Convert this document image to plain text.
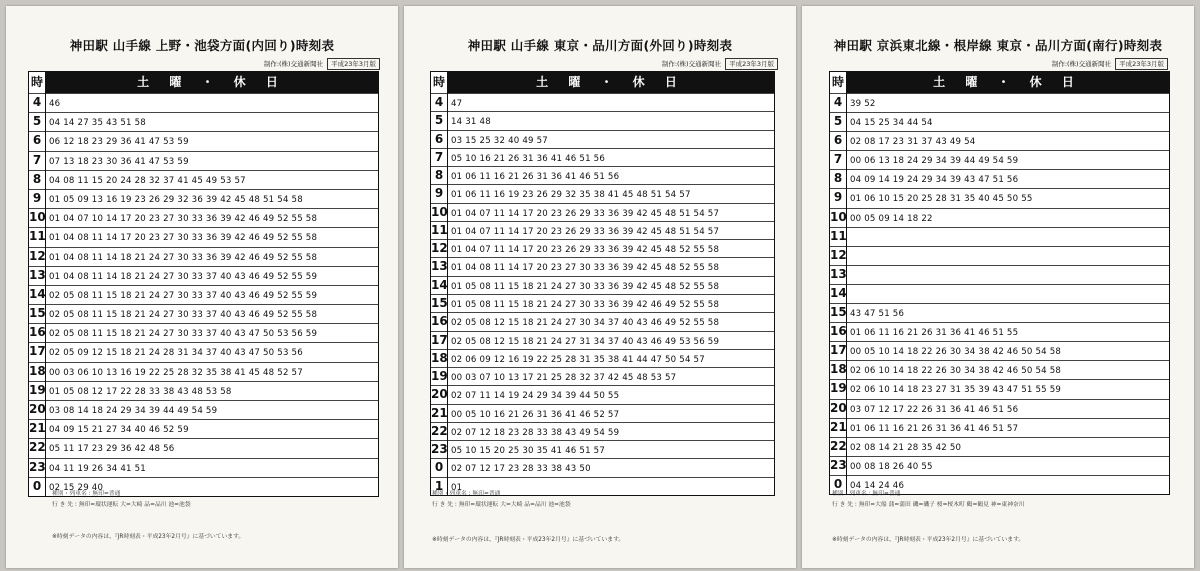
神田駅 山手線 上野・池袋方面(内回り)時刻表
制作:(株)交通新聞社 平成23年3月版
時	土 曜 ・ 休 日
4 46
5 04 14 27 35 43 51 58
6 06 12 18 23 29 36 41 47 53 59
7 07 13 18 23 30 36 41 47 53 59
8 04 08 11 15 20 24 28 32 37 41 45 49 53 57
9 01 05 09 13 16 19 23 26 29 32 36 39 42 45 48 51 54 58
10 01 04 07 10 14 17 20 23 27 30 33 36 39 42 46 49 52 55 58
11 01 04 08 11 14 17 20 23 27 30 33 36 39 42 46 49 52 55 58
12 01 04 08 11 14 18 21 24 27 30 33 36 39 42 46 49 52 55 58
13 01 04 08 11 14 18 21 24 27 30 33 37 40 43 46 49 52 55 59
14 02 05 08 11 15 18 21 24 27 30 33 37 40 43 46 49 52 55 59
15 02 05 08 11 15 18 21 24 27 30 33 37 40 43 46 49 52 55 58
16 02 05 08 11 15 18 21 24 27 30 33 37 40 43 47 50 53 56 59
17 02 05 09 12 15 18 21 24 28 31 34 37 40 43 47 50 53 56
18 00 03 06 10 13 16 19 22 25 28 32 35 38 41 45 48 52 57
19 01 05 08 12 17 22 28 33 38 43 48 53 58
20 03 08 14 18 24 29 34 39 44 49 54 59
21 04 09 15 21 27 34 40 46 52 59
22 05 11 17 23 29 36 42 48 56
23 04 11 19 26 34 41 51
0 02 15 29 40
種別・列車名 : 無印=普通
行 き 先 : 無印=環状運転 大=大崎 品=品川 池=池袋
※時刻データの内容は、『JR時刻表・平成23年2月号』に基づいています。
神田駅 山手線 東京・品川方面(外回り)時刻表
制作:(株)交通新聞社 平成23年3月版
時	土 曜 ・ 休 日
4 47
5 14 31 48
6 03 15 25 32 40 49 57
7 05 10 16 21 26 31 36 41 46 51 56
8 01 06 11 16 21 26 31 36 41 46 51 56
9 01 06 11 16 19 23 26 29 32 35 38 41 45 48 51 54 57
10 01 04 07 11 14 17 20 23 26 29 33 36 39 42 45 48 51 54 57
11 01 04 07 11 14 17 20 23 26 29 33 36 39 42 45 48 51 54 57
12 01 04 07 11 14 17 20 23 26 29 33 36 39 42 45 48 52 55 58
13 01 04 08 11 14 17 20 23 27 30 33 36 39 42 45 48 52 55 58
14 01 05 08 11 15 18 21 24 27 30 33 36 39 42 45 48 52 55 58
15 01 05 08 11 15 18 21 24 27 30 33 36 39 42 46 49 52 55 58
16 02 05 08 12 15 18 21 24 27 30 34 37 40 43 46 49 52 55 58
17 02 05 08 12 15 18 21 24 27 31 34 37 40 43 46 49 53 56 59
18 02 06 09 12 16 19 22 25 28 31 35 38 41 44 47 50 54 57
19 00 03 07 10 13 17 21 25 28 32 37 42 45 48 53 57
20 02 07 11 14 19 24 29 34 39 44 50 55
21 00 05 10 16 21 26 31 36 41 46 52 57
22 02 07 12 18 23 28 33 38 43 49 54 59
23 05 10 15 20 25 30 35 41 46 51 57
0 02 07 12 17 23 28 33 38 43 50
1 01
種別・列車名 : 無印=普通
行 き 先 : 無印=環状運転 大=大崎 品=品川 池=池袋
※時刻データの内容は、『JR時刻表・平成23年2月号』に基づいています。
神田駅 京浜東北線・根岸線 東京・品川方面(南行)時刻表
制作:(株)交通新聞社 平成23年3月版
時	土 曜 ・ 休 日
4 39 52
5 04 15 25 34 44 54
6 02 08 17 23 31 37 43 49 54
7 00 06 13 18 24 29 34 39 44 49 54 59
8 04 09 14 19 24 29 34 39 43 47 51 56
9 01 06 10 15 20 25 28 31 35 40 45 50 55
10 00 05 09 14 18 22
11
12
13
14
15 43 47 51 56
16 01 06 11 16 21 26 31 36 41 46 51 55
17 00 05 10 14 18 22 26 30 34 38 42 46 50 54 58
18 02 06 10 14 18 22 26 30 34 38 42 46 50 54 58
19 02 06 10 14 18 23 27 31 35 39 43 47 51 55 59
20 03 07 12 17 22 26 31 36 41 46 51 56
21 01 06 11 16 21 26 31 36 41 46 51 57
22 02 08 14 21 28 35 42 50
23 00 08 18 26 40 55
0 04 14 24 46
種別・列車名 : 無印=普通
行 き 先 : 無印=大船 蒲=蒲田 磯=磯子 桜=桜木町 鶴=鶴見 神=東神奈川
※時刻データの内容は、『JR時刻表・平成23年2月号』に基づいています。
